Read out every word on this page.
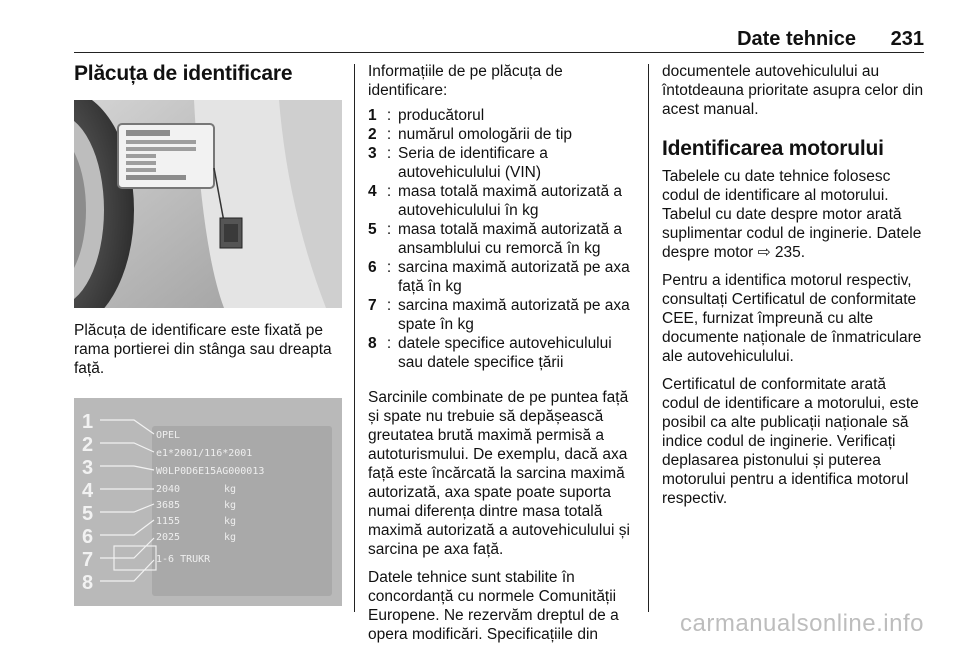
Date tehnice 231
Plăcuța de identificare

Plăcuța de identificare este fixată pe rama portierei din stânga sau dreapta față.

OPEL
e1*2001/116*2001
W0LP0D6E15AG000013
2040
3685
1155
2025
1-6 TRUKR
kg
kg
kg
kg
1
2
3
4
5
6
7
8

Informațiile de pe plăcuța de identificare:

1 : producătorul
2 : numărul omologării de tip
3 : Seria de identificare a autovehiculului (VIN)
4 : masa totală maximă autorizată a autovehiculului în kg
5 : masa totală maximă autorizată a ansamblului cu remorcă în kg
6 : sarcina maximă autorizată pe axa față în kg
7 : sarcina maximă autorizată pe axa spate în kg
8 : datele specifice autovehiculului sau datele specifice țării

Sarcinile combinate de pe puntea față și spate nu trebuie să depășească greutatea brută maximă permisă a autoturismului. De exemplu, dacă axa față este încărcată la sarcina maximă autorizată, axa spate poate suporta numai diferența dintre masa totală maximă autorizată a autovehiculului și sarcina pe axa față.

Datele tehnice sunt stabilite în concordanță cu normele Comunității Europene. Ne rezervăm dreptul de a opera modificări. Specificațiile din

documentele autovehiculului au întotdeauna prioritate asupra celor din acest manual.

Identificarea motorului

Tabelele cu date tehnice folosesc codul de identificare al motorului. Tabelul cu date despre motor arată suplimentar codul de inginerie. Datele despre motor ⇨ 235.

Pentru a identifica motorul respectiv, consultați Certificatul de conformitate CEE, furnizat împreună cu alte documente naționale de înmatriculare ale autovehiculului.

Certificatul de conformitate arată codul de identificare a motorului, este posibil ca alte publicații naționale să indice codul de inginerie. Verificați deplasarea pistonului și puterea motorului pentru a identifica motorul respectiv.

carmanualsonline.info
